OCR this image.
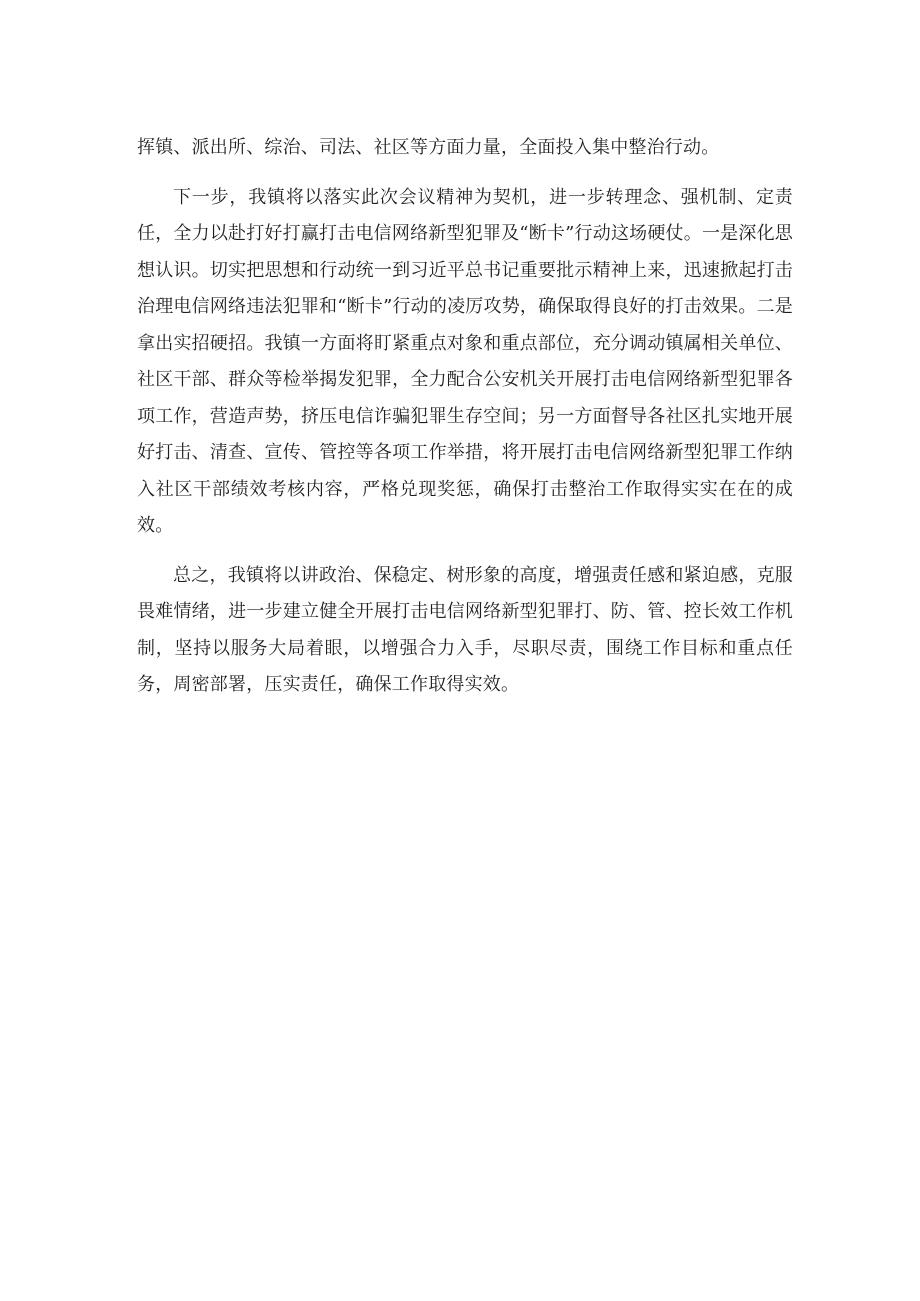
挥镇、派出所、综治、司法、社区等方面力量，全面投入集中整治行动。

下一步，我镇将以落实此次会议精神为契机，进一步转理念、强机制、定责任，全力以赴打好打赢打击电信网络新型犯罪及“断卡”行动这场硬仗。一是深化思想认识。切实把思想和行动统一到习近平总书记重要批示精神上来，迅速掀起打击治理电信网络违法犯罪和“断卡”行动的凌厉攻势，确保取得良好的打击效果。二是拿出实招硬招。我镇一方面将盯紧重点对象和重点部位，充分调动镇属相关单位、社区干部、群众等检举揭发犯罪，全力配合公安机关开展打击电信网络新型犯罪各项工作，营造声势，挤压电信诈骗犯罪生存空间；另一方面督导各社区扎实地开展好打击、清查、宣传、管控等各项工作举措，将开展打击电信网络新型犯罪工作纳入社区干部绩效考核内容，严格兑现奖惩，确保打击整治工作取得实实在在的成效。

总之，我镇将以讲政治、保稳定、树形象的高度，增强责任感和紧迫感，克服畏难情绪，进一步建立健全开展打击电信网络新型犯罪打、防、管、控长效工作机制，坚持以服务大局着眼，以增强合力入手，尽职尽责，围绕工作目标和重点任务，周密部署，压实责任，确保工作取得实效。
